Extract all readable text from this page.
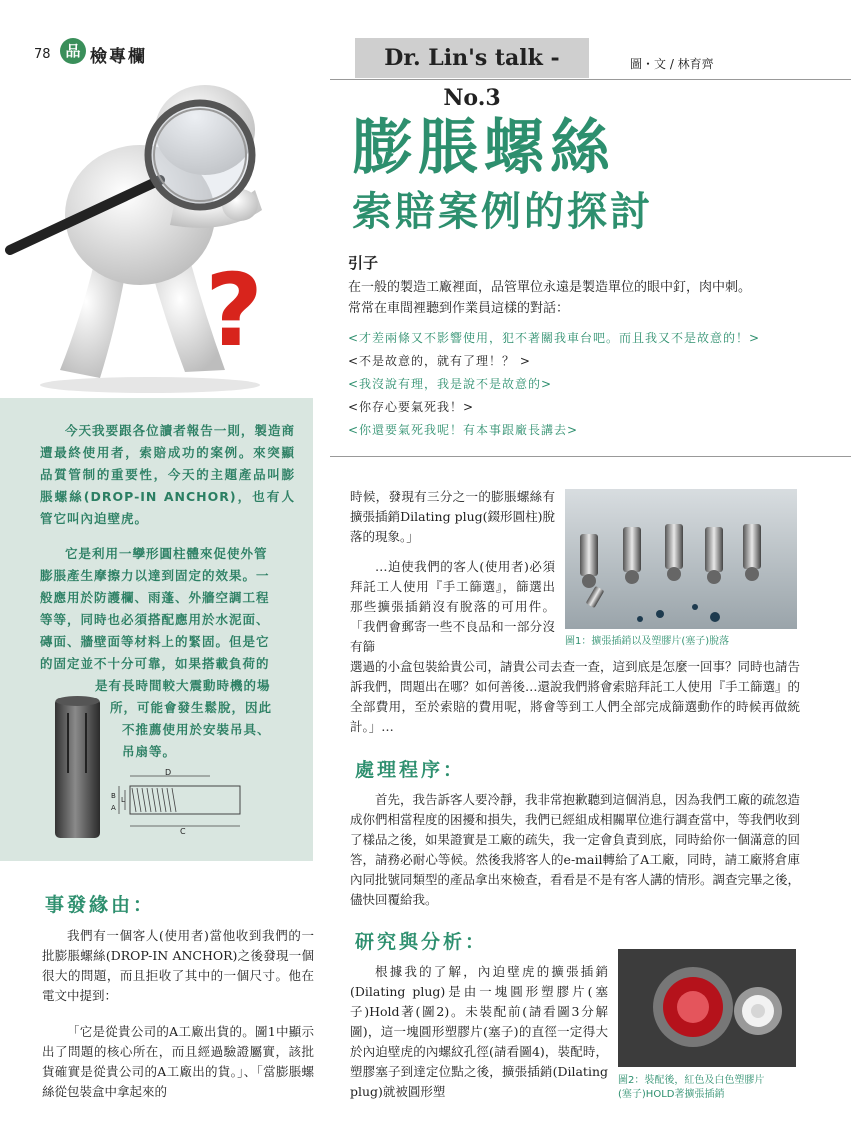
78 品 檢專欄	Dr. Lin's talk - No.3
圖・文 / 林育齊
?
膨脹螺絲
索賠案例的探討
引子
在一般的製造工廠裡面，品管單位永遠是製造單位的眼中釘，肉中刺。
常常在車間裡聽到作業員這樣的對話：
<才差兩條又不影響使用，犯不著關我車台吧。而且我又不是故意的！>
<不是故意的，就有了理！？ >
<我沒說有理，我是說不是故意的>
<你存心要氣死我！>
<你還要氣死我呢！有本事跟廠長講去>
今天我要跟各位讀者報告一則，製造商遭最終使用者，索賠成功的案例。來突顯品質管制的重要性，今天的主題產品叫膨脹螺絲(DROP-IN ANCHOR)，也有人管它叫內迫壁虎。
它是利用一孿形圓柱體來促使外管
膨脹產生摩擦力以達到固定的效果。一
般應用於防護欄、雨蓬、外牆空調工程
等等，同時也必須搭配應用於水泥面、
磚面、牆壁面等材料上的緊固。但是它
的固定並不十分可靠，如果搭載負荷的
是有長時間較大震動時機的場
所，可能會發生鬆脫，因此
不推薦使用於安裝吊具、
吊扇等。
D
B
A
L
C
事發緣由：
我們有一個客人(使用者)當他收到我們的一批膨脹螺絲(DROP-IN ANCHOR)之後發現一個很大的問題，而且拒收了其中的一個尺寸。他在電文中提到：
「它是從貴公司的A工廠出貨的。圖1中顯示出了問題的核心所在，而且經過驗證屬實，該批貨確實是從貴公司的A工廠出的貨。」、「當膨脹螺絲從包裝盒中拿起來的
時候，發現有三分之一的膨脹螺絲有擴張插銷Dilating plug(錣形圓柱)脫落的現象。」
…迫使我們的客人(使用者)必須拜託工人使用『手工篩選』，篩選出那些擴張插銷沒有脫落的可用件。「我們會郵寄一些不良品和一部分沒有篩
選過的小盒包裝給貴公司，請貴公司去查一查，這到底是怎麼一回事？同時也請告訴我們，問題出在哪？如何善後…還說我們將會索賠拜託工人使用『手工篩選』的全部費用，至於索賠的費用呢，將會等到工人們全部完成篩選動作的時候再做統計。」…
圖1：擴張插銷以及塑膠片(塞子)脫落
處理程序：
首先，我告訴客人要冷靜，我非常抱歉聽到這個消息，因為我們工廠的疏忽造成你們相當程度的困擾和損失，我們已經組成相關單位進行調查當中，等我們收到了樣品之後，如果證實是工廠的疏失，我一定會負責到底，同時給你一個滿意的回答，請務必耐心等候。然後我將客人的e-mail轉給了A工廠，同時，請工廠將倉庫內同批號同類型的產品拿出來檢查，看看是不是有客人講的情形。調查完畢之後，儘快回覆給我。
研究與分析：
根據我的了解，內迫壁虎的擴張插銷(Dilating plug)是由一塊圓形塑膠片(塞子)Hold著(圖2)。未裝配前(請看圖3分解圖)，這一塊圓形塑膠片(塞子)的直徑一定得大於內迫壁虎的內螺紋孔徑(請看圖4)，裝配時，塑膠塞子到達定位點之後，擴張插銷(Dilating plug)就被圓形塑
圖2：裝配後，紅色及白色塑膠片
(塞子)HOLD著擴張插銷
